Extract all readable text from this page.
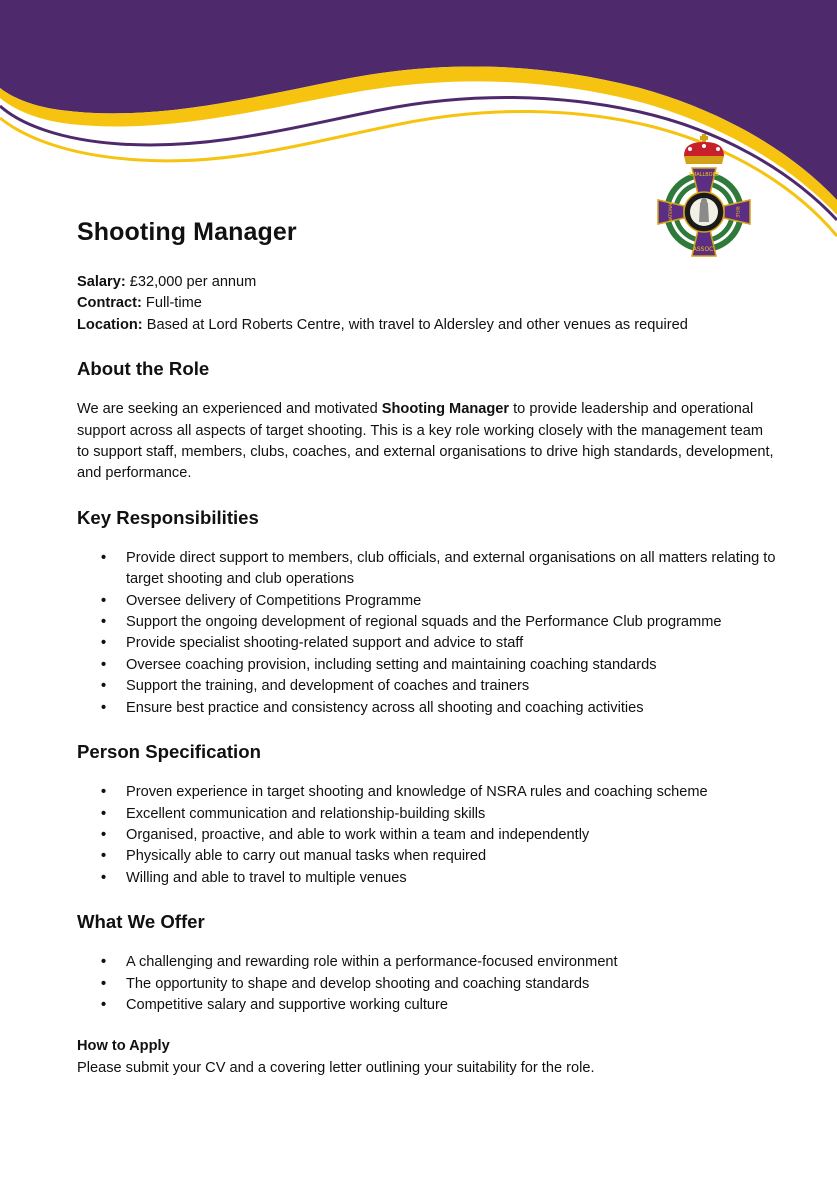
SMALLBORE
ASSOC.
NATIONAL	RIFLE
Shooting Manager

Salary: £32,000 per annum

Contract: Full-time

Location: Based at Lord Roberts Centre, with travel to Aldersley and other venues as required

About the Role

We are seeking an experienced and motivated Shooting Manager to provide leadership and operational support across all aspects of target shooting. This is a key role working closely with the management team to support staff, members, clubs, coaches, and external organisations to drive high standards, development, and performance.

Key Responsibilities
• Provide direct support to members, club officials, and external organisations on all matters relating to target shooting and club operations
• Oversee delivery of Competitions Programme
• Support the ongoing development of regional squads and the Performance Club programme
• Provide specialist shooting-related support and advice to staff
• Oversee coaching provision, including setting and maintaining coaching standards
• Support the training, and development of coaches and trainers
• Ensure best practice and consistency across all shooting and coaching activities
Person Specification
• Proven experience in target shooting and knowledge of NSRA rules and coaching scheme
• Excellent communication and relationship-building skills
• Organised, proactive, and able to work within a team and independently
• Physically able to carry out manual tasks when required
• Willing and able to travel to multiple venues
What We Offer
• A challenging and rewarding role within a performance-focused environment
• The opportunity to shape and develop shooting and coaching standards
• Competitive salary and supportive working culture

How to Apply

Please submit your CV and a covering letter outlining your suitability for the role.
